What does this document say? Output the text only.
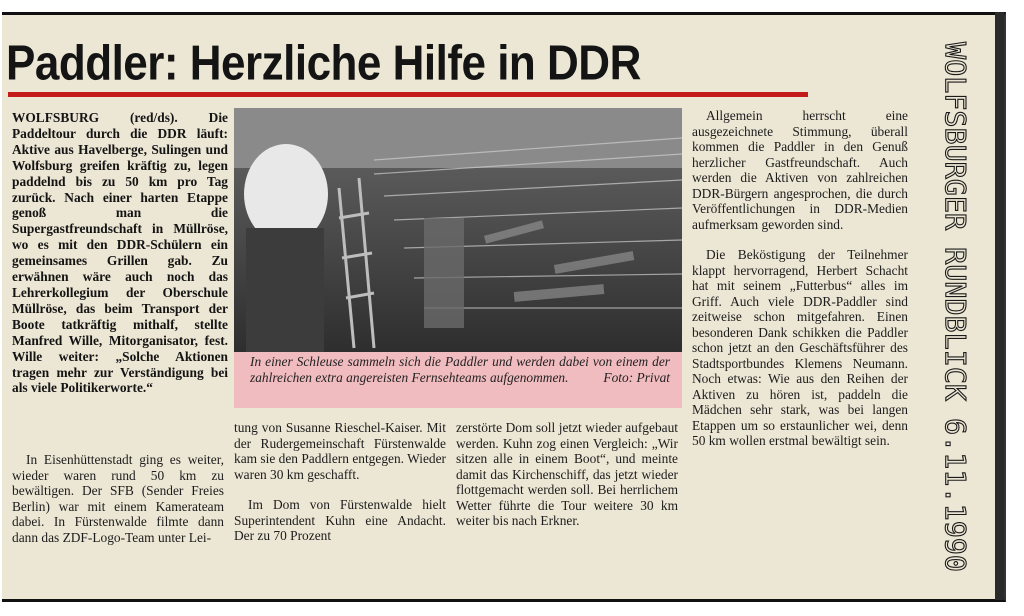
Paddler: Herzliche Hilfe in DDR
WOLFSBURG (red/ds). Die Paddeltour durch die DDR läuft: Aktive aus Havelberge, Sulingen und Wolfsburg greifen kräftig zu, legen paddelnd bis zu 50 km pro Tag zurück. Nach einer harten Etappe genoß man die Supergastfreundschaft in Müllröse, wo es mit den DDR-Schülern ein gemeinsames Grillen gab. Zu erwähnen wäre auch noch das Lehrerkollegium der Oberschule Müllröse, das beim Transport der Boote tatkräftig mithalf, stellte Manfred Wille, Mitorganisator, fest. Wille weiter: „Solche Aktionen tragen mehr zur Verständigung bei als viele Politikerworte.“
In einer Schleuse sammeln sich die Paddler und werden dabei von einem der zahlreichen extra angereisten Fernsehteams aufgenommen.	Foto: Privat

In Eisenhüttenstadt ging es weiter, wieder waren rund 50 km zu bewältigen. Der SFB (Sender Freies Berlin) war mit einem Kamerateam dabei. In Fürstenwalde filmte dann dann das ZDF-Logo-Team unter Lei-

tung von Susanne Rieschel-Kaiser. Mit der Rudergemeinschaft Fürstenwalde kam sie den Paddlern entgegen. Wieder waren 30 km geschafft.

Im Dom von Fürstenwalde hielt Superintendent Kuhn eine Andacht. Der zu 70 Prozent

zerstörte Dom soll jetzt wieder aufgebaut werden. Kuhn zog einen Vergleich: „Wir sitzen alle in einem Boot“, und meinte damit das Kirchenschiff, das jetzt wieder flottgemacht werden soll. Bei herrlichem Wetter führte die Tour weitere 30 km weiter bis nach Erkner.

Allgemein herrscht eine ausgezeichnete Stimmung, überall kommen die Paddler in den Genuß herzlicher Gastfreundschaft. Auch werden die Aktiven von zahlreichen DDR-Bürgern angesprochen, die durch Veröffentlichungen in DDR-Medien aufmerksam geworden sind.

Die Beköstigung der Teilnehmer klappt hervorragend, Herbert Schacht hat mit seinem „Futterbus“ alles im Griff. Auch viele DDR-Paddler sind zeitweise schon mitgefahren. Einen besonderen Dank schikken die Paddler schon jetzt an den Geschäftsführer des Stadtsportbundes Klemens Neumann. Noch etwas: Wie aus den Reihen der Aktiven zu hören ist, paddeln die Mädchen sehr stark, was bei langen Etappen um so erstaunlicher wei, denn 50 km wollen erstmal bewältigt sein.	WOLFSBURGER RUNDBLICK 6.11.1990
